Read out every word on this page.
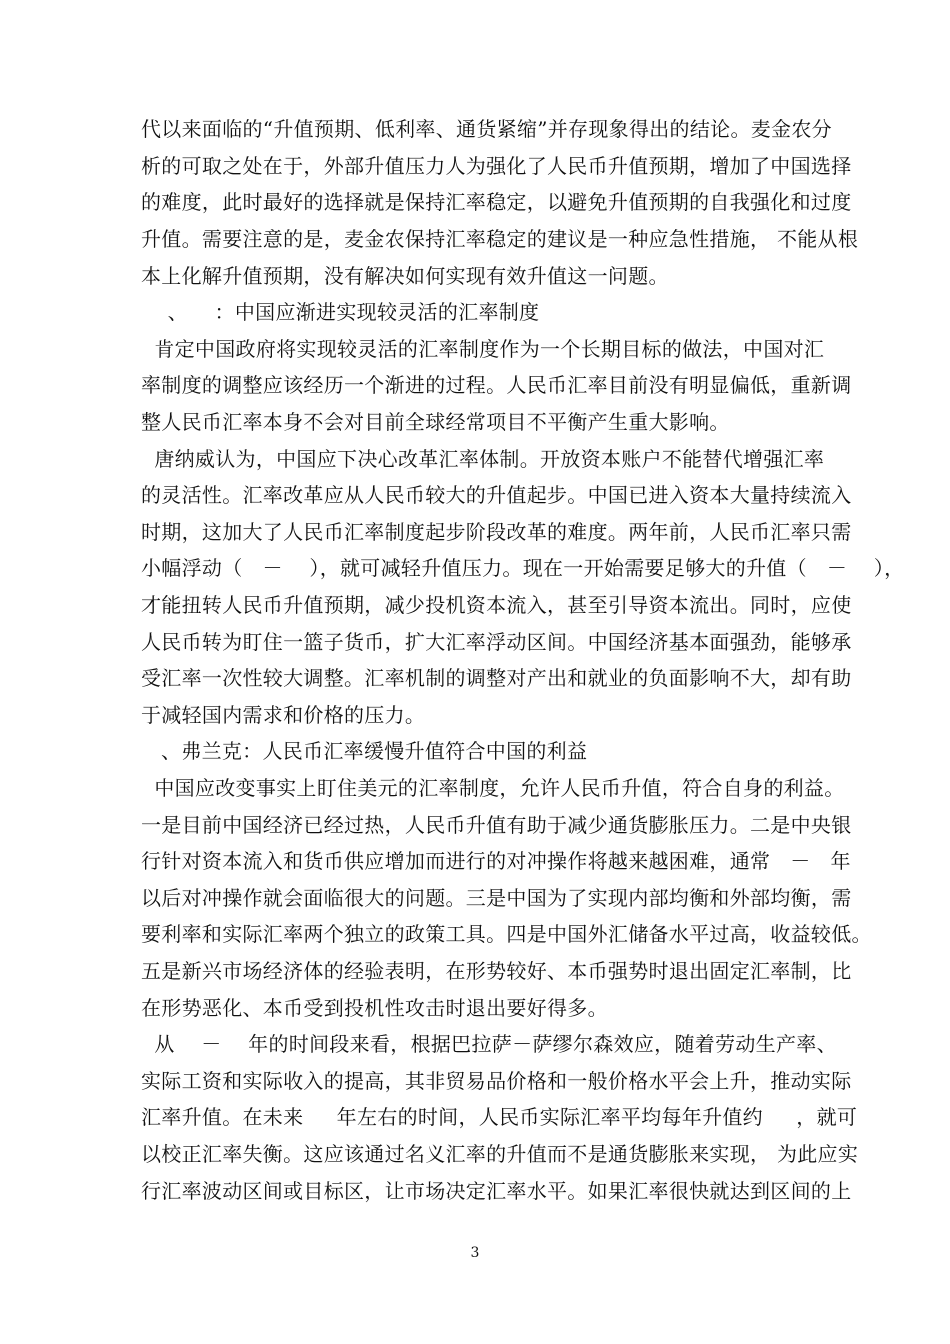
代以来面临的“升值预期、低利率、通货紧缩”并存现象得出的结论。麦金农分
析的可取之处在于，外部升值压力人为强化了人民币升值预期，增加了中国选择
的难度，此时最好的选择就是保持汇率稳定，以避免升值预期的自我强化和过度
升值。需要注意的是，麦金农保持汇率稳定的建议是一种应急性措施， 不能从根
本上化解升值预期，没有解决如何实现有效升值这一问题。
、    ：中国应渐进实现较灵活的汇率制度
肯定中国政府将实现较灵活的汇率制度作为一个长期目标的做法，中国对汇
率制度的调整应该经历一个渐进的过程。人民币汇率目前没有明显偏低，重新调
整人民币汇率本身不会对目前全球经常项目不平衡产生重大影响。
唐纳威认为，中国应下决心改革汇率体制。开放资本账户不能替代增强汇率
的灵活性。汇率改革应从人民币较大的升值起步。中国已进入资本大量持续流入
时期，这加大了人民币汇率制度起步阶段改革的难度。两年前，人民币汇率只需
小幅浮动（   －    ），就可减轻升值压力。现在一开始需要足够大的升值（   －    ），
才能扭转人民币升值预期，减少投机资本流入，甚至引导资本流出。同时，应使
人民币转为盯住一篮子货币，扩大汇率浮动区间。中国经济基本面强劲，能够承
受汇率一次性较大调整。汇率机制的调整对产出和就业的负面影响不大，却有助
于减轻国内需求和价格的压力。
、弗兰克：人民币汇率缓慢升值符合中国的利益
中国应改变事实上盯住美元的汇率制度，允许人民币升值，符合自身的利益。
一是目前中国经济已经过热，人民币升值有助于减少通货膨胀压力。二是中央银
行针对资本流入和货币供应增加而进行的对冲操作将越来越困难，通常   －   年
以后对冲操作就会面临很大的问题。三是中国为了实现内部均衡和外部均衡，需
要利率和实际汇率两个独立的政策工具。四是中国外汇储备水平过高，收益较低。
五是新兴市场经济体的经验表明，在形势较好、本币强势时退出固定汇率制，比
在形势恶化、本币受到投机性攻击时退出要好得多。
从    －    年的时间段来看，根据巴拉萨－萨缪尔森效应，随着劳动生产率、
实际工资和实际收入的提高，其非贸易品价格和一般价格水平会上升，推动实际
汇率升值。在未来     年左右的时间，人民币实际汇率平均每年升值约     ，就可
以校正汇率失衡。这应该通过名义汇率的升值而不是通货膨胀来实现， 为此应实
行汇率波动区间或目标区，让市场决定汇率水平。如果汇率很快就达到区间的上
3
